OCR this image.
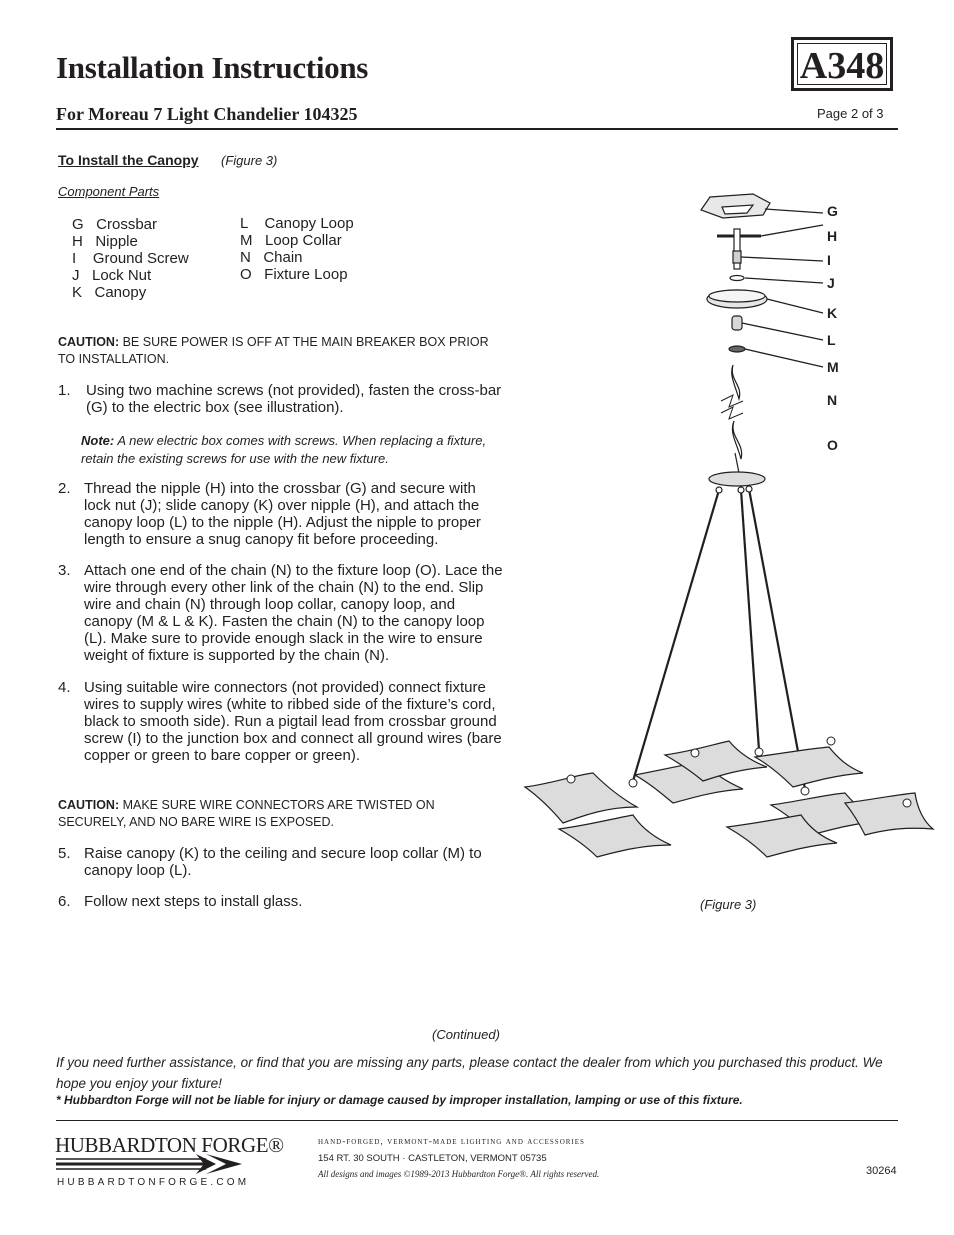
Installation Instructions
For Moreau 7 Light Chandelier 104325
A348
Page 2 of 3
To Install the Canopy (Figure 3)
Component Parts
G   Crossbar
H   Nipple
I    Ground Screw
J   Lock Nut
K   Canopy
L    Canopy Loop
M   Loop Collar
N   Chain
O   Fixture Loop
CAUTION: BE SURE POWER IS OFF AT THE MAIN BREAKER BOX PRIOR TO INSTALLATION.
1. Using two machine screws (not provided), fasten the cross-bar (G) to the electric box (see illustration).
Note: A new electric box comes with screws. When replacing a fixture, retain the existing screws for use with the new fixture.
2. Thread the nipple (H) into the crossbar (G) and secure with lock nut (J); slide canopy (K) over nipple (H), and attach the canopy loop (L) to the nipple (H). Adjust the nipple to proper length to ensure a snug canopy fit before proceeding.
3. Attach one end of the chain (N) to the fixture loop (O). Lace the wire through every other link of the chain (N) to the end. Slip wire and chain (N) through loop collar, canopy loop, and canopy (M & L & K). Fasten the chain (N) to the canopy loop (L). Make sure to provide enough slack in the wire to ensure weight of fixture is supported by the chain (N).
4. Using suitable wire connectors (not provided) connect fixture wires to supply wires (white to ribbed side of the fixture’s cord, black to smooth side). Run a pigtail lead from crossbar ground screw (I) to the junction box and connect all ground wires (bare copper or green to bare copper or green).
CAUTION: MAKE SURE WIRE CONNECTORS ARE TWISTED ON SECURELY, AND NO BARE WIRE IS EXPOSED.
5. Raise canopy (K) to the ceiling and secure loop collar (M) to canopy loop (L).
6. Follow next steps to install glass.
G
H
I
J
K
L
M
N
O
(Figure 3)
(Continued)
If you need further assistance, or find that you are missing any parts, please contact the dealer from which you purchased this product. We hope you enjoy your fixture!
* Hubbardton Forge will not be liable for injury or damage caused by improper installation, lamping or use of this fixture.
HUBBARDTON FORGE®
HUBBARDTONFORGE.COM
hand-forged, vermont-made lighting and accessories
154 RT. 30 SOUTH · CASTLETON, VERMONT 05735
All designs and images ©1989-2013 Hubbardton Forge®. All rights reserved.	30264
